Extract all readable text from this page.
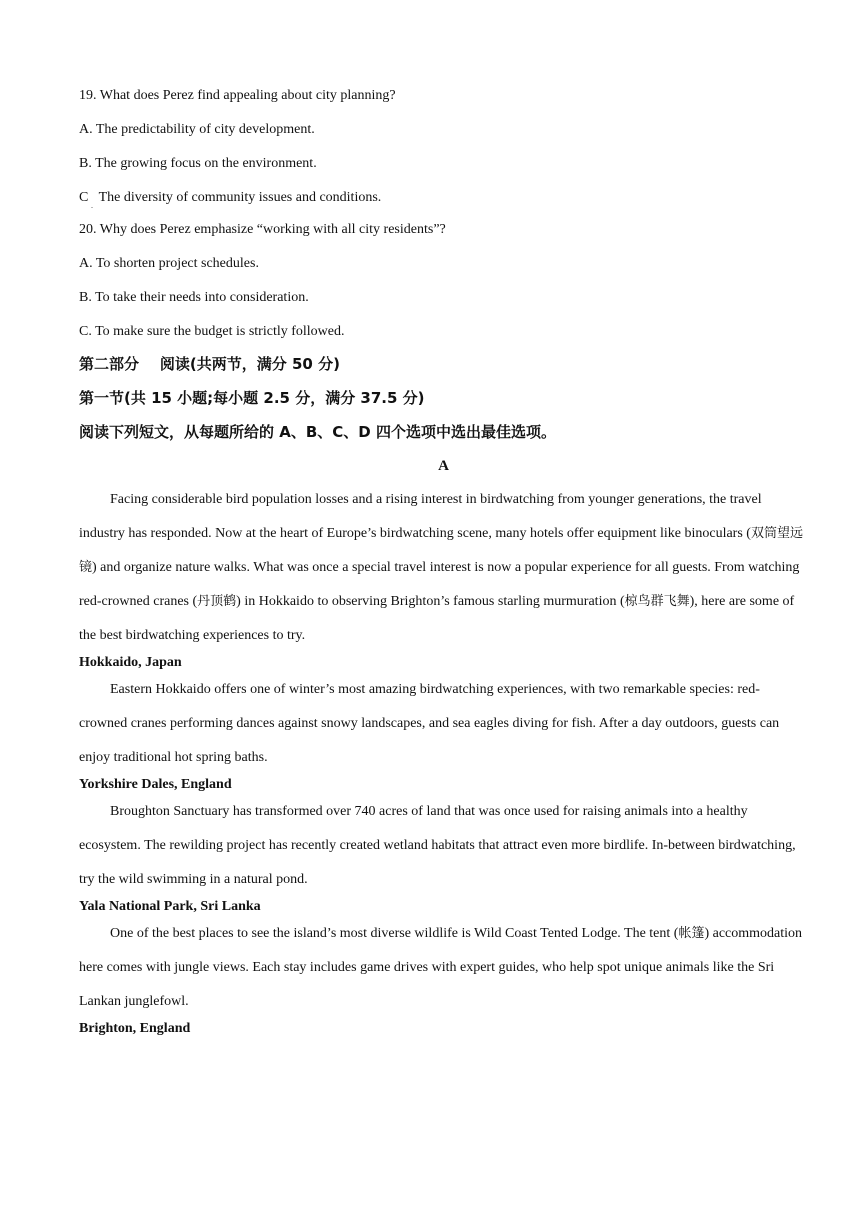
19. What does Perez find appealing about city planning?

A. The predictability of city development.

B. The growing focus on the environment.

C The diversity of community issues and conditions.
.

20. Why does Perez emphasize “working with all city residents”?

A. To shorten project schedules.

B. To take their needs into consideration.

C. To make sure the budget is strictly followed.

第二部分 阅读(共两节，满分 50 分)

第一节(共 15 小题;每小题 2.5 分，满分 37.5 分)

阅读下列短文，从每题所给的 A、B、C、D 四个选项中选出最佳选项。

A

Facing considerable bird population losses and a rising interest in birdwatching from younger generations, the travel industry has responded. Now at the heart of Europe’s birdwatching scene, many hotels offer equipment like binoculars (双筒望远镜) and organize nature walks. What was once a special travel interest is now a popular experience for all guests. From watching red-crowned cranes (丹顶鹤) in Hokkaido to observing Brighton’s famous starling murmuration (椋鸟群飞舞), here are some of the best birdwatching experiences to try.

Hokkaido, Japan

Eastern Hokkaido offers one of winter’s most amazing birdwatching experiences, with two remarkable species: red-crowned cranes performing dances against snowy landscapes, and sea eagles diving for fish. After a day outdoors, guests can enjoy traditional hot spring baths.

Yorkshire Dales, England

Broughton Sanctuary has transformed over 740 acres of land that was once used for raising animals into a healthy ecosystem. The rewilding project has recently created wetland habitats that attract even more birdlife. In-between birdwatching, try the wild swimming in a natural pond.

Yala National Park, Sri Lanka

One of the best places to see the island’s most diverse wildlife is Wild Coast Tented Lodge. The tent (帐篷) accommodation here comes with jungle views. Each stay includes game drives with expert guides, who help spot unique animals like the Sri Lankan junglefowl.

Brighton, England
